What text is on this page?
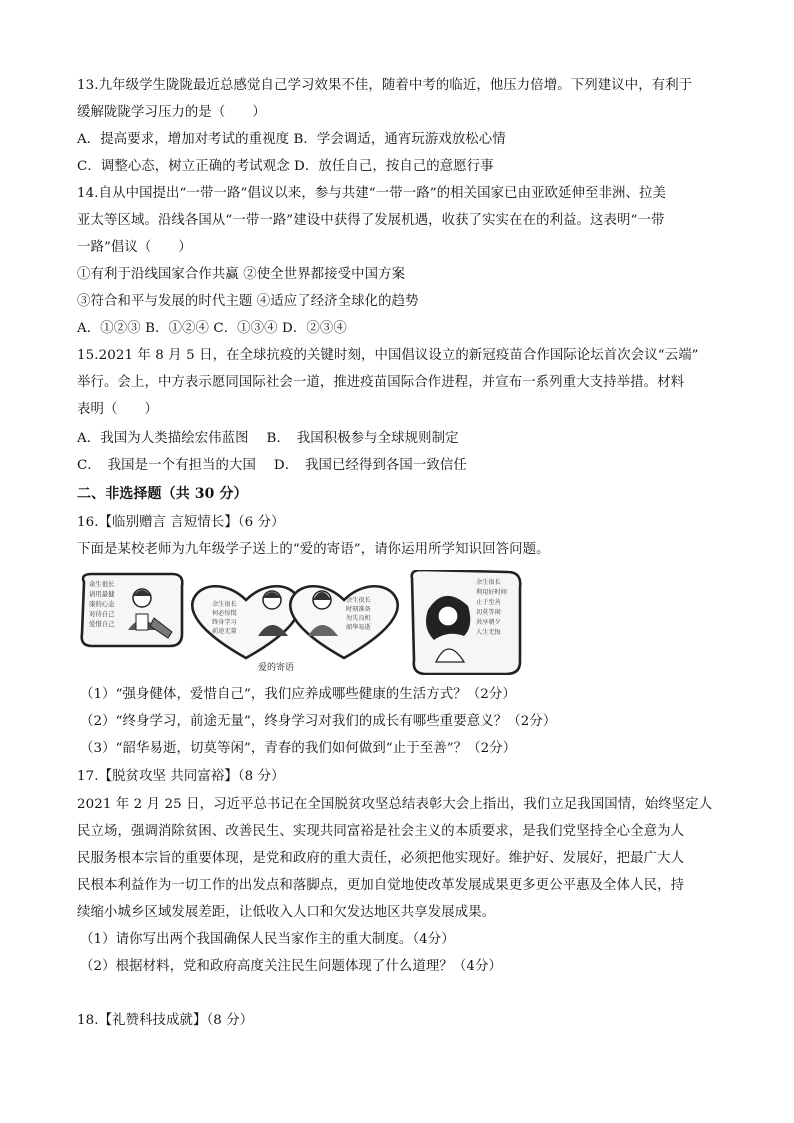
13.九年级学生陇陇最近总感觉自己学习效果不佳，随着中考的临近，他压力倍增。下列建议中，有利于
缓解陇陇学习压力的是（　　）
A．提高要求，增加对考试的重视度 B．学会调适，通宵玩游戏放松心情
C．调整心态，树立正确的考试观念 D．放任自己，按自己的意愿行事
14.自从中国提出“一带一路”倡议以来，参与共建“一带一路”的相关国家已由亚欧延伸至非洲、拉美
亚太等区域。沿线各国从“一带一路”建设中获得了发展机遇，收获了实实在在的利益。这表明“一带
一路”倡议（　　）
①有利于沿线国家合作共赢 ②使全世界都接受中国方案
③符合和平与发展的时代主题 ④适应了经济全球化的趋势
A．①②③ B．①②④ C．①③④ D．②③④
15.2021 年 8 月 5 日，在全球抗疫的关键时刻，中国倡议设立的新冠疫苗合作国际论坛首次会议“云端”
举行。会上，中方表示愿同国际社会一道，推进疫苗国际合作进程，并宣布一系列重大支持举措。材料
表明（　　）
A．我国为人类描绘宏伟蓝图　 B．　我国积极参与全球规则制定
C．　我国是一个有担当的大国　 D．　我国已经得到各国一致信任
二、非选择题（共 30 分）
16.【临别赠言 言短情长】（6 分）
下面是某校老师为九年级学子送上的“爱的寄语”，请你运用所学知识回答问题。
余生很长 请用最健 康的心态 对待自己 爱惜自己
余生很长 何必惊慌 终身学习 前途无量
余生很长 时刻准备 勿失良机 韶华易逝
余生很长 利用好时间 止于至善 切莫等闲 共享朝夕 人生无悔
爱的寄语
（1）“强身健体，爱惜自己”，我们应养成哪些健康的生活方式？（2分）
（2）“终身学习，前途无量”，终身学习对我们的成长有哪些重要意义？（2分）
（3）“韶华易逝，切莫等闲”，青春的我们如何做到“止于至善”？（2分）
17.【脱贫攻坚 共同富裕】（8 分）
2021 年 2 月 25 日，习近平总书记在全国脱贫攻坚总结表彰大会上指出，我们立足我国国情，始终坚定人
民立场，强调消除贫困、改善民生、实现共同富裕是社会主义的本质要求，是我们党坚持全心全意为人
民服务根本宗旨的重要体现，是党和政府的重大责任，必须把他实现好。维护好、发展好，把最广大人
民根本利益作为一切工作的出发点和落脚点，更加自觉地使改革发展成果更多更公平惠及全体人民，持
续缩小城乡区域发展差距，让低收入人口和欠发达地区共享发展成果。
（1）请你写出两个我国确保人民当家作主的重大制度。（4分）
（2）根据材料，党和政府高度关注民生问题体现了什么道理？（4分）
18.【礼赞科技成就】（8 分）
